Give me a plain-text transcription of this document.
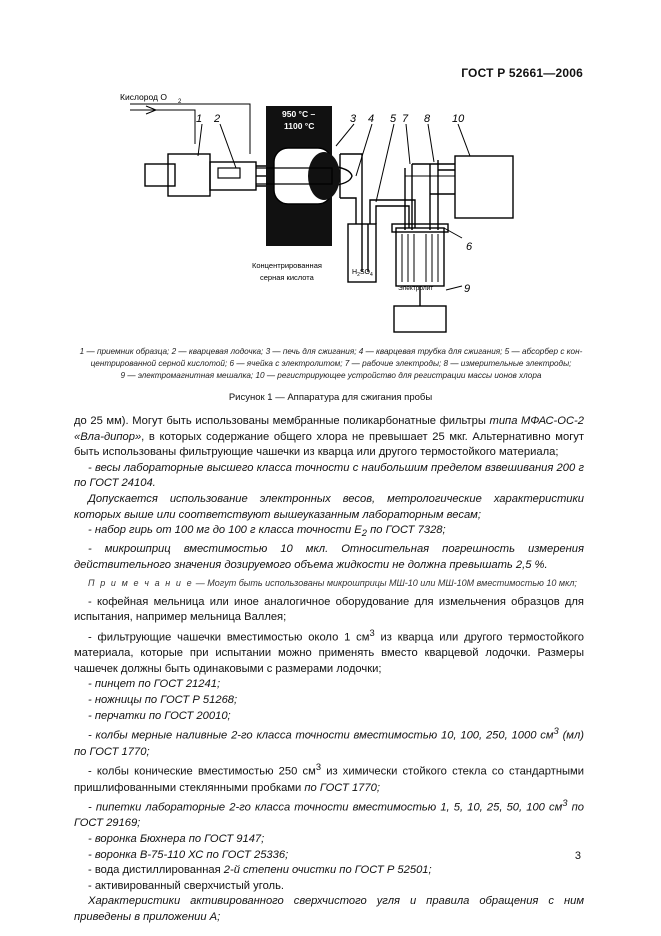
ГОСТ Р 52661—2006
Кислород O 2
950 °C –
1100 °C
Концентрированная
серная кислота
$H_2SO_4$
Электролит
1 2	3 4 5
6
7 8
9
10
1 — приемник образца; 2 — кварцевая лодочка; 3 — печь для сжигания; 4 — кварцевая трубка для сжигания; 5 — абсорбер с кон-
центрированной серной кислотой; 6 — ячейка с электролитом; 7 — рабочие электроды; 8 — измерительные электроды;
9 — электромагнитная мешалка; 10 — регистрирующее устройство для регистрации массы ионов хлора
Рисунок 1 — Аппаратура для сжигания пробы

до 25 мм). Могут быть использованы мембранные поликарбонатные фильтры типа МФАС-ОС-2 «Вла-дипор», в которых содержание общего хлора не превышает 25 мкг. Альтернативно могут быть использованы фильтрующие чашечки из кварца или другого термостойкого материала;

- весы лабораторные высшего класса точности с наибольшим пределом взвешивания 200 г по ГОСТ 24104.

Допускается использование электронных весов, метрологические характеристики которых выше или соответствуют вышеуказанным лабораторным весам;

- набор гирь от 100 мг до 100 г класса точности $E_2$ по ГОСТ 7328;

- микрошприц вместимостью 10 мкл. Относительная погрешность измерения действительного значения дозируемого объема жидкости не должна превышать 2,5 %.

П р и м е ч а н и е — Могут быть использованы микрошприцы МШ-10 или МШ-10М вместимостью 10 мкл;

- кофейная мельница или иное аналогичное оборудование для измельчения образцов для испытания, например мельница Валлея;

- фильтрующие чашечки вместимостью около 1 $см^3$ из кварца или другого термостойкого материала, которые при испытании можно применять вместо кварцевой лодочки. Размеры чашечек должны быть одинаковыми с размерами лодочки;

- пинцет по ГОСТ 21241;

- ножницы по ГОСТ Р 51268;

- перчатки по ГОСТ 20010;

- колбы мерные наливные 2-го класса точности вместимостью 10, 100, 250, 1000 $см^3$ (мл) по ГОСТ 1770;

- колбы конические вместимостью 250 $см^3$ из химически стойкого стекла со стандартными пришлифованными стеклянными пробками по ГОСТ 1770;

- пипетки лабораторные 2-го класса точности вместимостью 1, 5, 10, 25, 50, 100 $см^3$ по ГОСТ 29169;

- воронка Бюхнера по ГОСТ 9147;

- воронка В-75-110 ХС по ГОСТ 25336;

- вода дистиллированная 2-й степени очистки по ГОСТ Р 52501;

- активированный сверхчистый уголь.

Характеристики активированного сверхчистого угля и правила обращения с ним приведены в приложении А;

3
